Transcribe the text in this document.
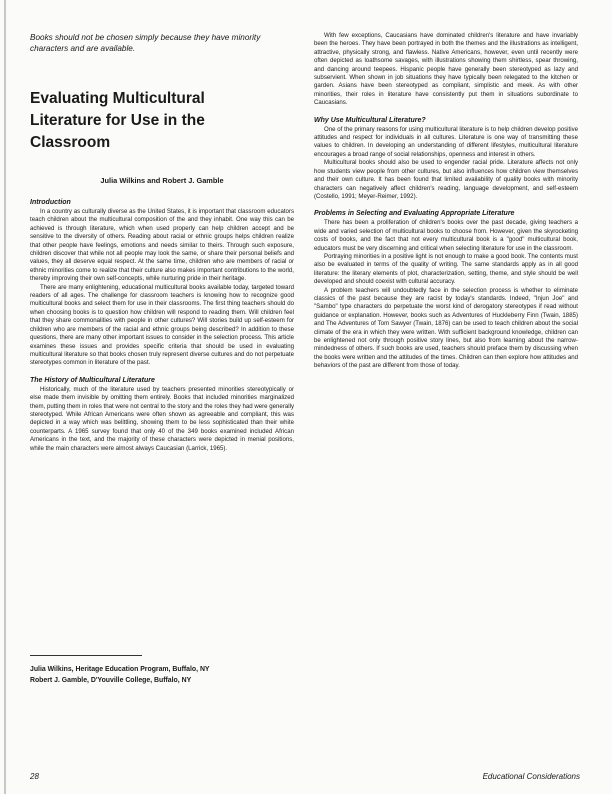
Books should not be chosen simply because they have minority characters and are available.
Evaluating Multicultural Literature for Use in the Classroom
Julia Wilkins and Robert J. Gamble
Introduction

In a country as culturally diverse as the United States, it is important that classroom educators teach children about the multicultural composition of the and they inhabit. One way this can be achieved is through literature, which when used properly can help children accept and be sensitive to the diversity of others. Reading about racial or ethnic groups helps children realize that other people have feelings, emotions and needs similar to theirs. Through such exposure, children discover that while not all people may look the same, or share their personal beliefs and values, they all deserve equal respect. At the same time, children who are members of racial or ethnic minorities come to realize that their culture also makes important contributions to the world, thereby improving their own self-concepts, while nurturing pride in their heritage.

There are many enlightening, educational multicultural books available today, targeted toward readers of all ages. The challenge for classroom teachers is knowing how to recognize good multicultural books and select them for use in their classrooms. The first thing teachers should do when choosing books is to question how children will respond to reading them. Will children feel that they share commonalities with people in other cultures? Will stories build up self-esteem for children who are members of the racial and ethnic groups being described? In addition to these questions, there are many other important issues to consider in the selection process. This article examines these issues and provides specific criteria that should be used in evaluating multicultural literature so that books chosen truly represent diverse cultures and do not perpetuate stereotypes common in literature of the past.

The History of Multicultural Literature

Historically, much of the literature used by teachers presented minorities stereotypically or else made them invisible by omitting them entirely. Books that included minorities marginalized them, putting them in roles that were not central to the story and the roles they had were generally stereotyped. While African Americans were often shown as agreeable and compliant, this was depicted in a way which was belittling, showing them to be less sophisticated than their white counterparts. A 1965 survey found that only 40 of the 349 books examined included African Americans in the text, and the majority of these characters were depicted in menial positions, while the main characters were almost always Caucasian (Larrick, 1965).

With few exceptions, Caucasians have dominated children's literature and have invariably been the heroes. They have been portrayed in both the themes and the illustrations as intelligent, attractive, physically strong, and flawless. Native Americans, however, even until recently were often depicted as loathsome savages, with illustrations showing them shirtless, spear throwing, and dancing around teepees. Hispanic people have generally been stereotyped as lazy and subservient. When shown in job situations they have typically been relegated to the kitchen or garden. Asians have been stereotyped as compliant, simplistic and meek. As with other minorities, their roles in literature have consistently put them in situations subordinate to Caucasians.

Why Use Multicultural Literature?

One of the primary reasons for using multicultural literature is to help children develop positive attitudes and respect for individuals in all cultures. Literature is one way of transmitting these values to children. In developing an understanding of different lifestyles, multicultural literature encourages a broad range of social relationships, openness and interest in others.

Multicultural books should also be used to engender racial pride. Literature affects not only how students view people from other cultures, but also influences how children view themselves and their own culture. It has been found that limited availability of quality books with minority characters can negatively affect children's reading, language development, and self-esteem (Costello, 1991; Meyer-Reimer, 1992).

Problems in Selecting and Evaluating Appropriate Literature

There has been a proliferation of children's books over the past decade, giving teachers a wide and varied selection of multicultural books to choose from. However, given the skyrocketing costs of books, and the fact that not every multicultural book is a "good" multicultural book, educators must be very discerning and critical when selecting literature for use in the classroom.

Portraying minorities in a positive light is not enough to make a good book. The contents must also be evaluated in terms of the quality of writing. The same standards apply as in all good literature: the literary elements of plot, characterization, setting, theme, and style should be well developed and should coexist with cultural accuracy.

A problem teachers will undoubtedly face in the selection process is whether to eliminate classics of the past because they are racist by today's standards. Indeed, "Injun Joe" and "Sambo" type characters do perpetuate the worst kind of derogatory stereotypes if read without guidance or explanation. However, books such as Adventures of Huckleberry Finn (Twain, 1885) and The Adventures of Tom Sawyer (Twain, 1876) can be used to teach children about the social climate of the era in which they were written. With sufficient background knowledge, children can be enlightened not only through positive story lines, but also from learning about the narrow-mindedness of others. If such books are used, teachers should preface them by discussing when the books were written and the attitudes of the times. Children can then explore how attitudes and behaviors of the past are different from those of today.

Julia Wilkins, Heritage Education Program, Buffalo, NY
Robert J. Gamble, D'Youville College, Buffalo, NY
28	Educational Considerations
